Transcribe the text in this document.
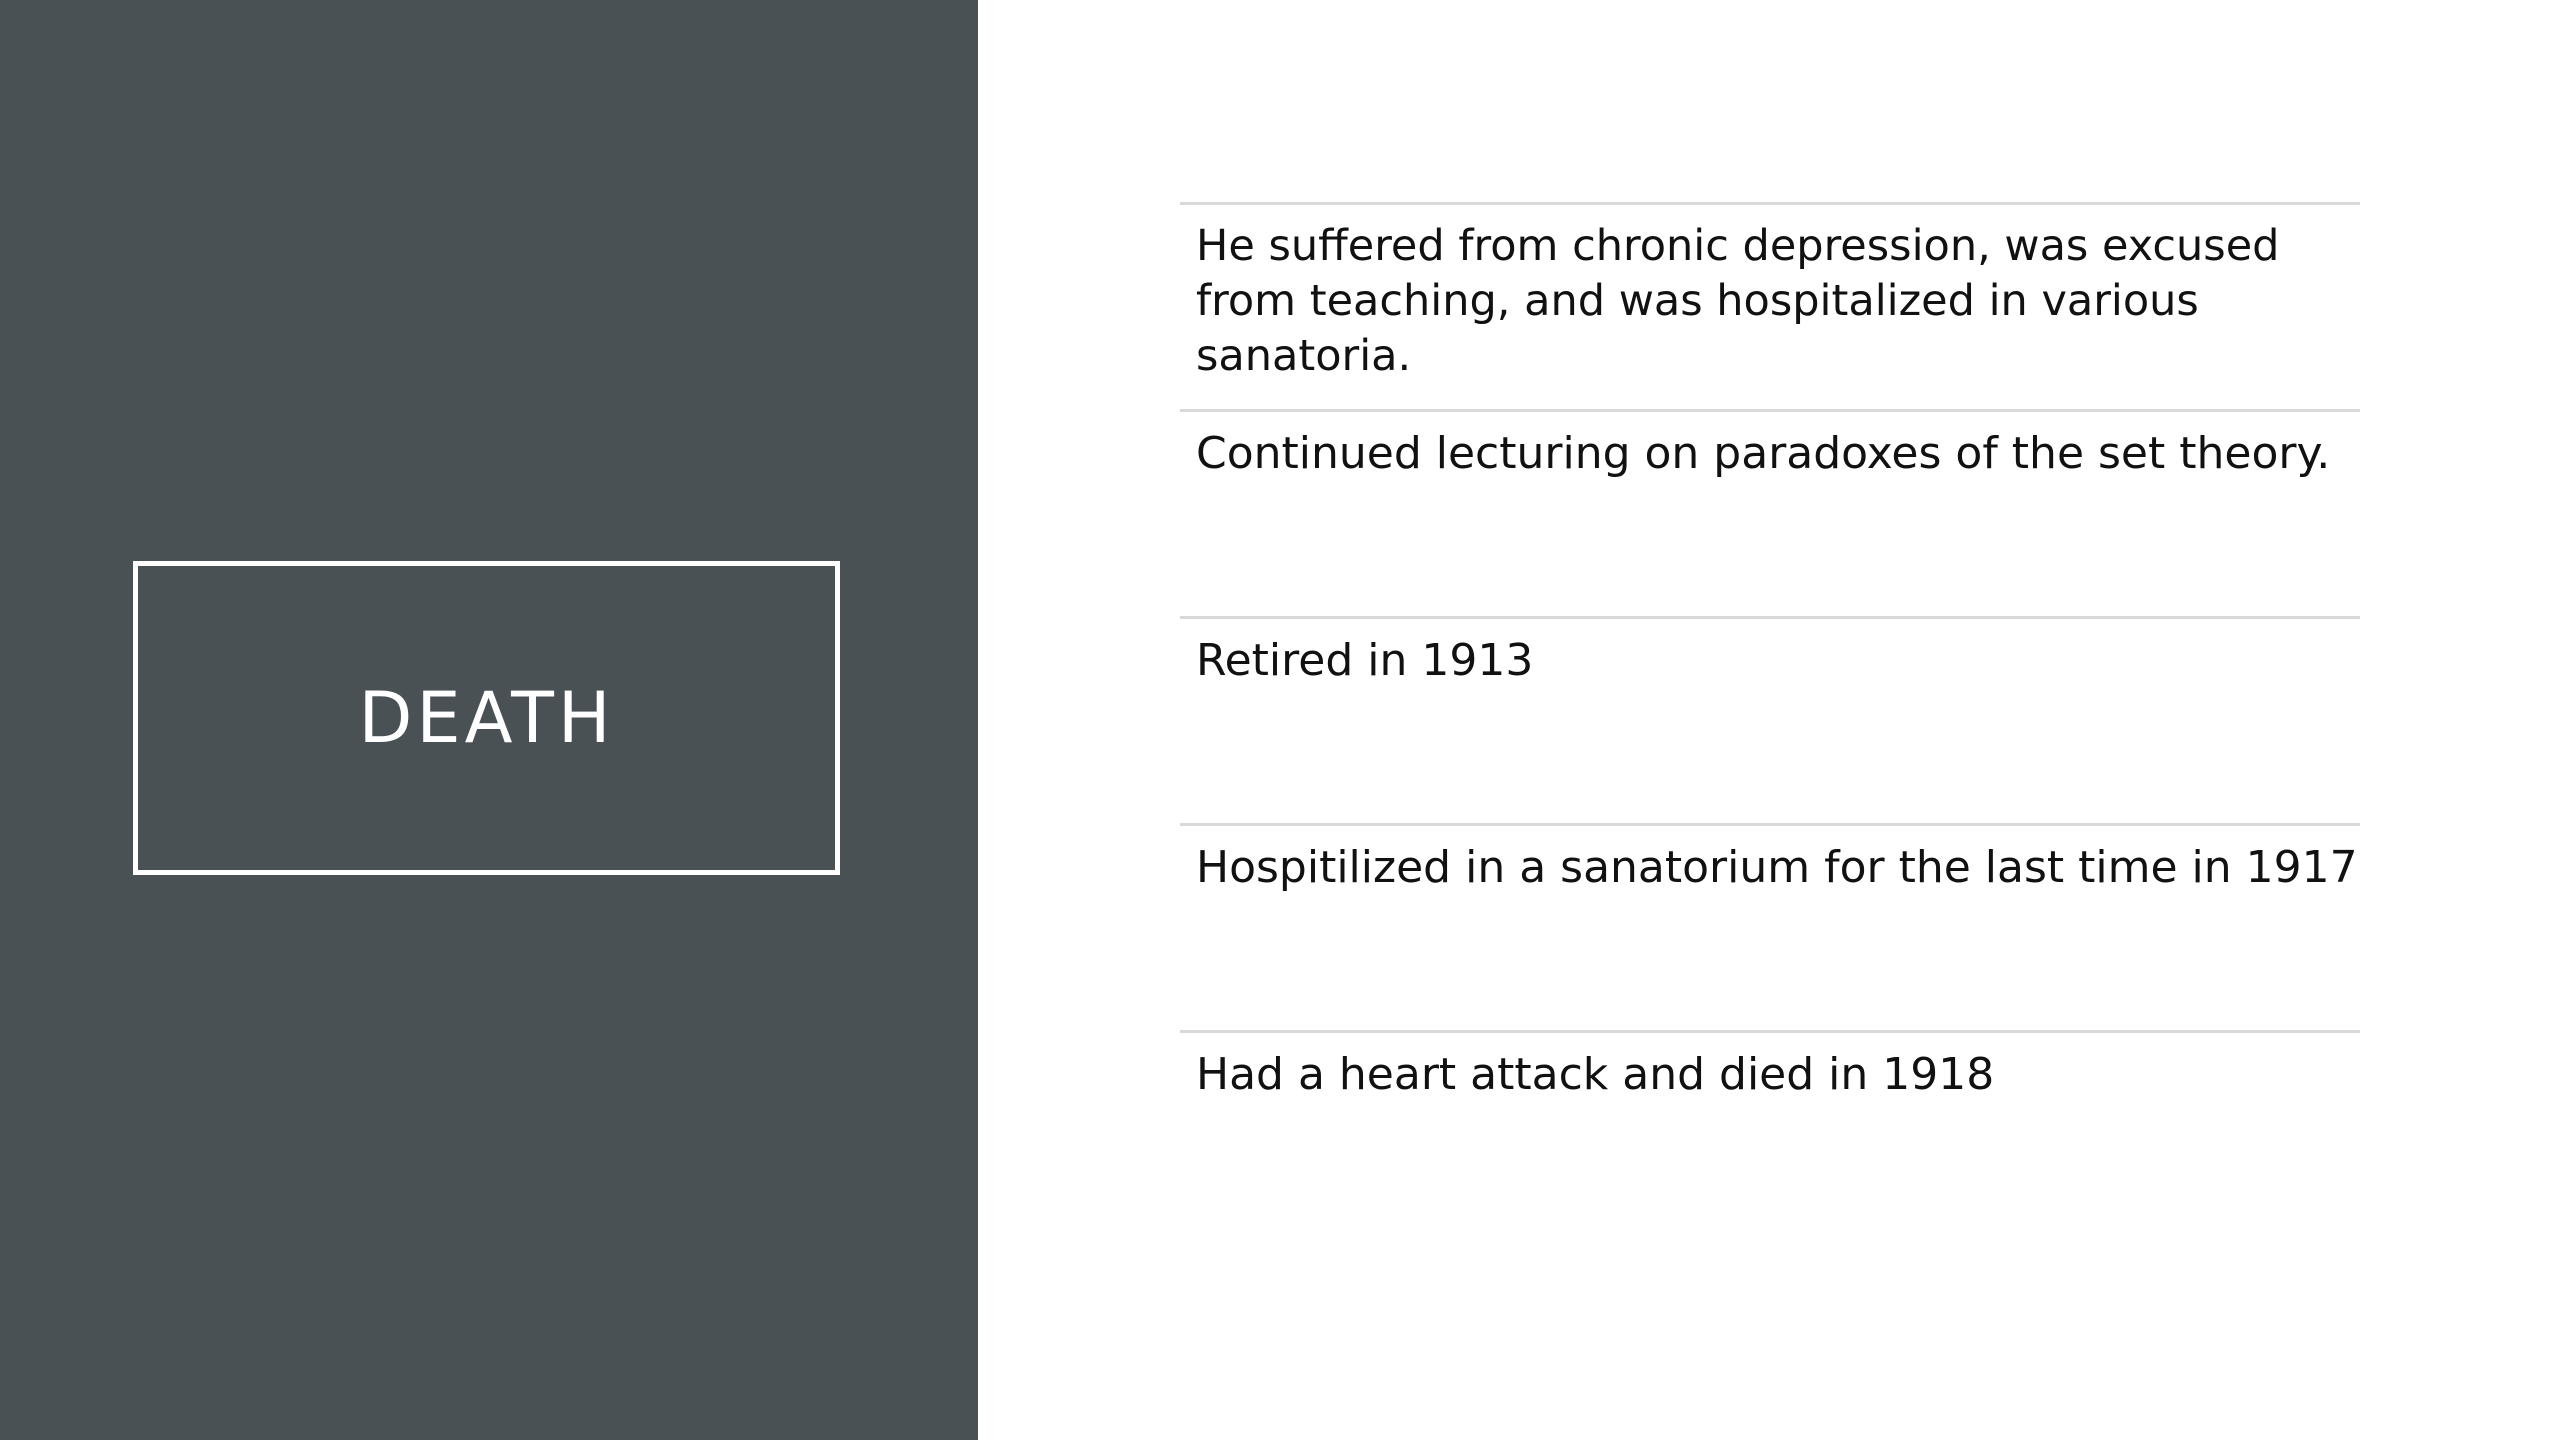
DEATH
He suffered from chronic depression, was excused from teaching, and was hospitalized in various sanatoria.
Continued lecturing on paradoxes of the set theory.
Retired in 1913
Hospitilized in a sanatorium for the last time in 1917
Had a heart attack and died in 1918
